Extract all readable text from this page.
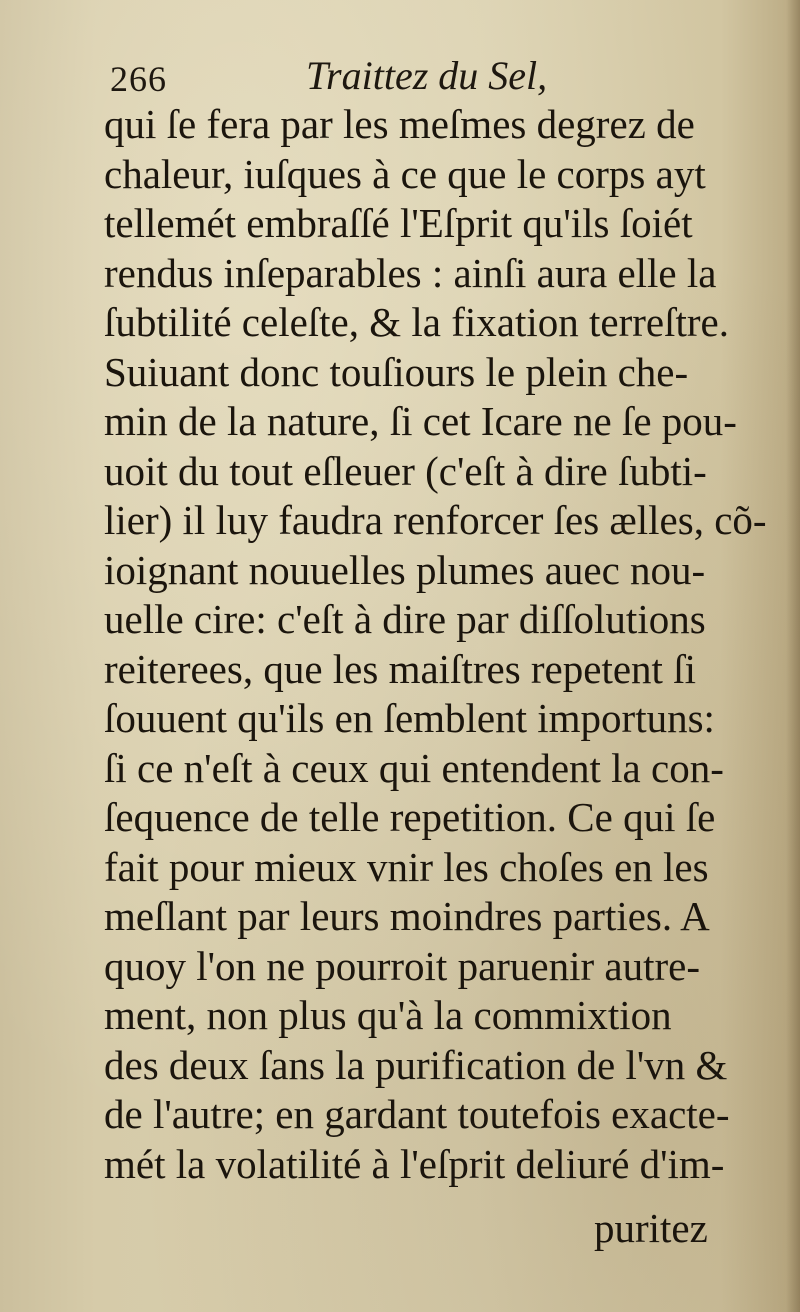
266	Traittez du Sel,
qui ſe fera par les meſmes degrez de
chaleur, iuſques à ce que le corps ayt
tellemét embraſſé l'Eſprit qu'ils ſoiét
rendus inſeparables : ainſi aura elle la
ſubtilité celeſte, & la fixation terreſtre.
Suiuant donc touſiours le plein che-
min de la nature, ſi cet Icare ne ſe pou-
uoit du tout eſleuer (c'eſt à dire ſubti-
lier) il luy faudra renforcer ſes ælles, cõ-
ioignant nouuelles plumes auec nou-
uelle cire: c'eſt à dire par diſſolutions
reiterees, que les maiſtres repetent ſi
ſouuent qu'ils en ſemblent importuns:
ſi ce n'eſt à ceux qui entendent la con-
ſequence de telle repetition. Ce qui ſe
fait pour mieux vnir les choſes en les
meſlant par leurs moindres parties. A
quoy l'on ne pourroit paruenir autre-
ment, non plus qu'à la commixtion
des deux ſans la purification de l'vn &
de l'autre; en gardant toutefois exacte-
mét la volatilité à l'eſprit deliuré d'im-
puritez
